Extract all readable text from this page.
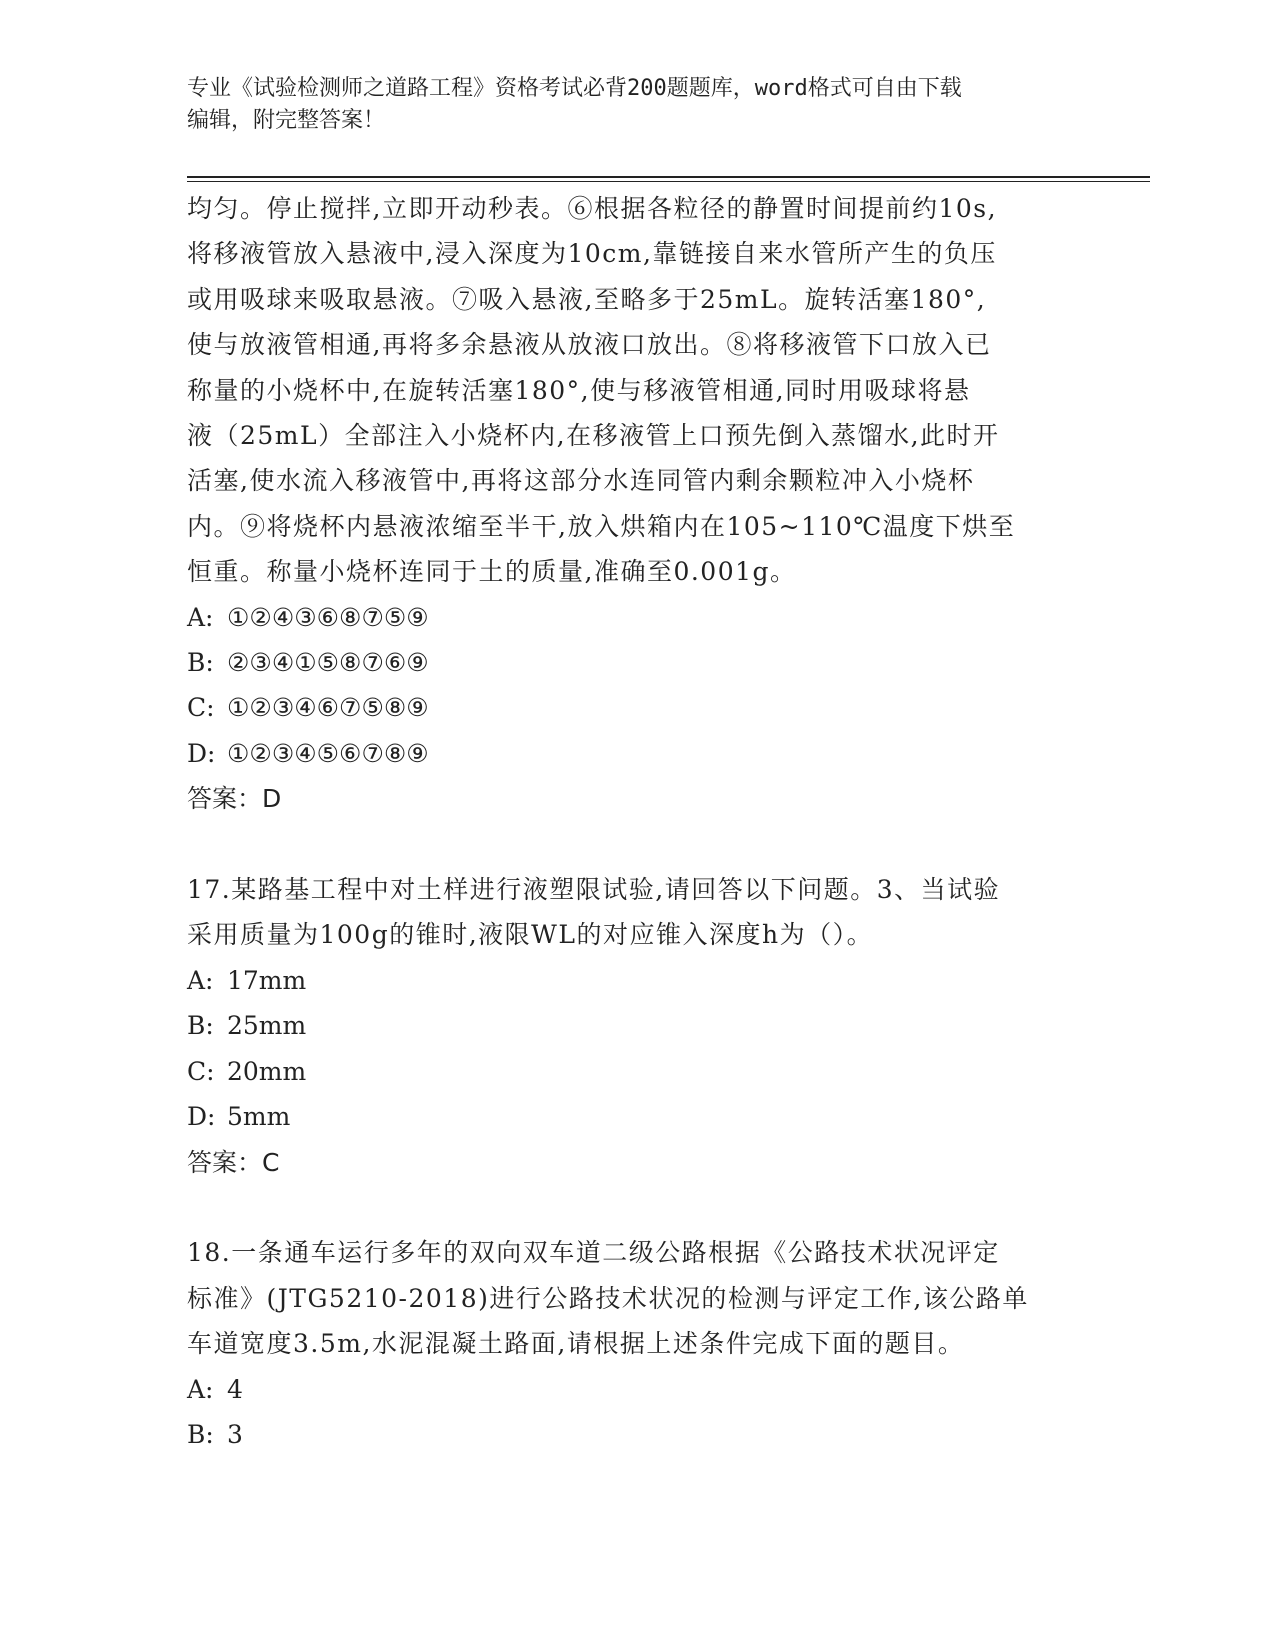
专业《试验检测师之道路工程》资格考试必背200题题库，word格式可自由下载
编辑，附完整答案！

均匀。停止搅拌,立即开动秒表。⑥根据各粒径的静置时间提前约10s,

将移液管放入悬液中,浸入深度为10cm,靠链接自来水管所产生的负压

或用吸球来吸取悬液。⑦吸入悬液,至略多于25mL。旋转活塞180°,

使与放液管相通,再将多余悬液从放液口放出。⑧将移液管下口放入已

称量的小烧杯中,在旋转活塞180°,使与移液管相通,同时用吸球将悬

液（25mL）全部注入小烧杯内,在移液管上口预先倒入蒸馏水,此时开

活塞,使水流入移液管中,再将这部分水连同管内剩余颗粒冲入小烧杯

内。⑨将烧杯内悬液浓缩至半干,放入烘箱内在105~110℃温度下烘至

恒重。称量小烧杯连同于土的质量,准确至0.001g。

A: ①②④③⑥⑧⑦⑤⑨

B: ②③④①⑤⑧⑦⑥⑨

C: ①②③④⑥⑦⑤⑧⑨

D: ①②③④⑤⑥⑦⑧⑨

答案：D

17.某路基工程中对土样进行液塑限试验,请回答以下问题。3、当试验

采用质量为100g的锥时,液限WL的对应锥入深度h为（）。

A: 17mm

B: 25mm

C: 20mm

D: 5mm

答案：C

18.一条通车运行多年的双向双车道二级公路根据《公路技术状况评定

标准》(JTG5210-2018)进行公路技术状况的检测与评定工作,该公路单

车道宽度3.5m,水泥混凝土路面,请根据上述条件完成下面的题目。

A: 4

B: 3
